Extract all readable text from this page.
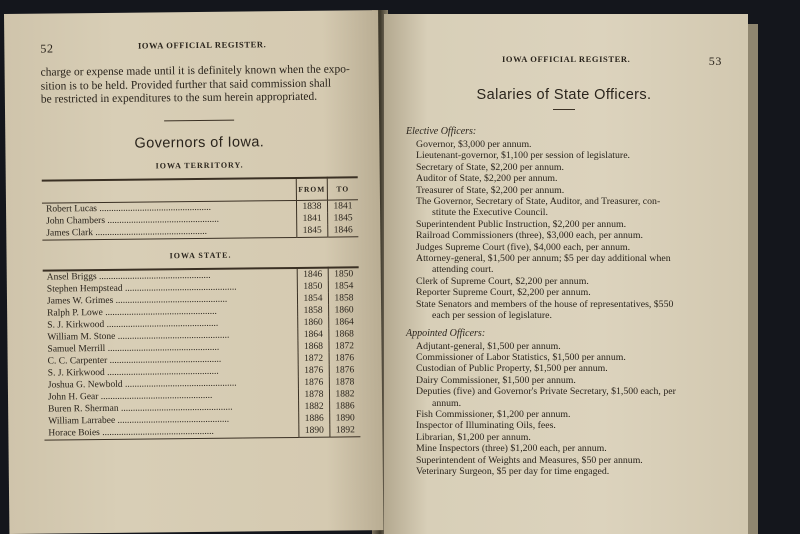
52	IOWA OFFICIAL REGISTER.
charge or expense made until it is definitely known when the expo-
sition is to be held. Provided further that said commission shall
be restricted in expenditures to the sum herein appropriated.
Governors of Iowa.
IOWA TERRITORY.
	FROM	TO
Robert Lucas .....	1838	1841
John Chambers .....	1841	1845
James Clark .....	1845	1846
IOWA STATE.
Ansel Briggs .....	1846	1850
Stephen Hempstead .....	1850	1854
James W. Grimes .....	1854	1858
Ralph P. Lowe .....	1858	1860
S. J. Kirkwood .....	1860	1864
William M. Stone .....	1864	1868
Samuel Merrill .....	1868	1872
C. C. Carpenter .....	1872	1876
S. J. Kirkwood .....	1876	1876
Joshua G. Newbold .....	1876	1878
John H. Gear .....	1878	1882
Buren R. Sherman .....	1882	1886
William Larrabee .....	1886	1890
Horace Boies .....	1890	1892
IOWA OFFICIAL REGISTER.	53
Salaries of State Officers.
Elective Officers:
Governor, $3,000 per annum.
Lieutenant-governor, $1,100 per session of legislature.
Secretary of State, $2,200 per annum.
Auditor of State, $2,200 per annum.
Treasurer of State, $2,200 per annum.
The Governor, Secretary of State, Auditor, and Treasurer, con-
stitute the Executive Council.
Superintendent Public Instruction, $2,200 per annum.
Railroad Commissioners (three), $3,000 each, per annum.
Judges Supreme Court (five), $4,000 each, per annum.
Attorney-general, $1,500 per annum; $5 per day additional when
attending court.
Clerk of Supreme Court, $2,200 per annum.
Reporter Supreme Court, $2,200 per annum.
State Senators and members of the house of representatives, $550
each per session of legislature.
Appointed Officers:
Adjutant-general, $1,500 per annum.
Commissioner of Labor Statistics, $1,500 per annum.
Custodian of Public Property, $1,500 per annum.
Dairy Commissioner, $1,500 per annum.
Deputies (five) and Governor's Private Secretary, $1,500 each, per
annum.
Fish Commissioner, $1,200 per annum.
Inspector of Illuminating Oils, fees.
Librarian, $1,200 per annum.
Mine Inspectors (three) $1,200 each, per annum.
Superintendent of Weights and Measures, $50 per annum.
Veterinary Surgeon, $5 per day for time engaged.
